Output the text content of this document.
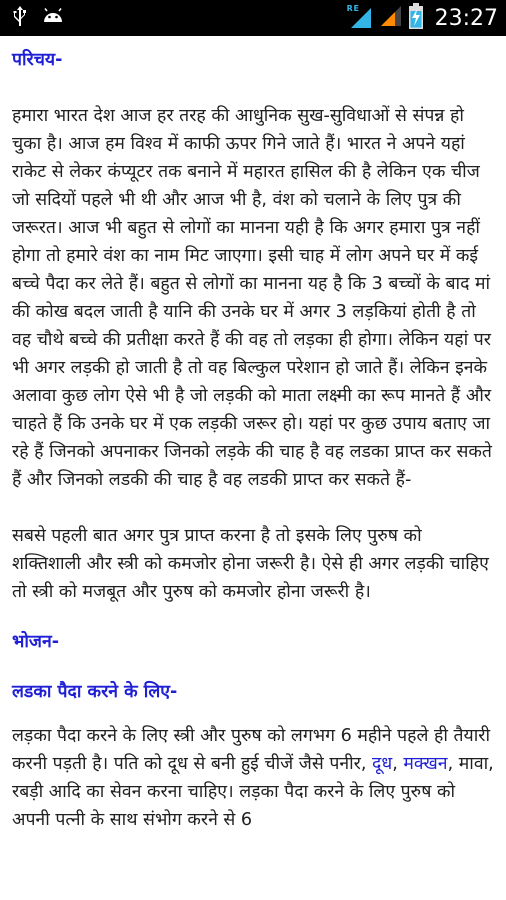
R E	23:27

परिचय-

हमारा भारत देश आज हर तरह की आधुनिक सुख-सुविधाओं से संपन्न हो चुका है। आज हम विश्व में काफी ऊपर गिने जाते हैं। भारत ने अपने यहां राकेट से लेकर कंप्यूटर तक बनाने में महारत हासिल की है लेकिन एक चीज जो सदियों पहले भी थी और आज भी है, वंश को चलाने के लिए पुत्र की जरूरत। आज भी बहुत से लोगों का मानना यही है कि अगर हमारा पुत्र नहीं होगा तो हमारे वंश का नाम मिट जाएगा। इसी चाह में लोग अपने घर में कई बच्चे पैदा कर लेते हैं। बहुत से लोगों का मानना यह है कि 3 बच्चों के बाद मां की कोख बदल जाती है यानि की उनके घर में अगर 3 लड़कियां होती है तो वह चौथे बच्चे की प्रतीक्षा करते हैं की वह तो लड़का ही होगा। लेकिन यहां पर भी अगर लड़की हो जाती है तो वह बिल्कुल परेशान हो जाते हैं। लेकिन इनके अलावा कुछ लोग ऐसे भी है जो लड़की को माता लक्ष्मी का रूप मानते हैं और चाहते हैं कि उनके घर में एक लड़की जरूर हो। यहां पर कुछ उपाय बताए जा रहे हैं जिनको अपनाकर जिनको लड़के की चाह है वह लडका प्राप्त कर सकते हैं और जिनको लडकी की चाह है वह लडकी प्राप्त कर सकते हैं-

सबसे पहली बात अगर पुत्र प्राप्त करना है तो इसके लिए पुरुष को शक्तिशाली और स्त्री को कमजोर होना जरूरी है। ऐसे ही अगर लड़की चाहिए तो स्त्री को मजबूत और पुरुष को कमजोर होना जरूरी है।

भोजन-

लडका पैदा करने के लिए-

लड़का पैदा करने के लिए स्त्री और पुरुष को लगभग 6 महीने पहले ही तैयारी करनी पड़ती है। पति को दूध से बनी हुई चीजें जैसे पनीर, दूध, मक्खन, मावा, रबड़ी आदि का सेवन करना चाहिए। लड़का पैदा करने के लिए पुरुष को अपनी पत्नी के साथ संभोग करने से 6
